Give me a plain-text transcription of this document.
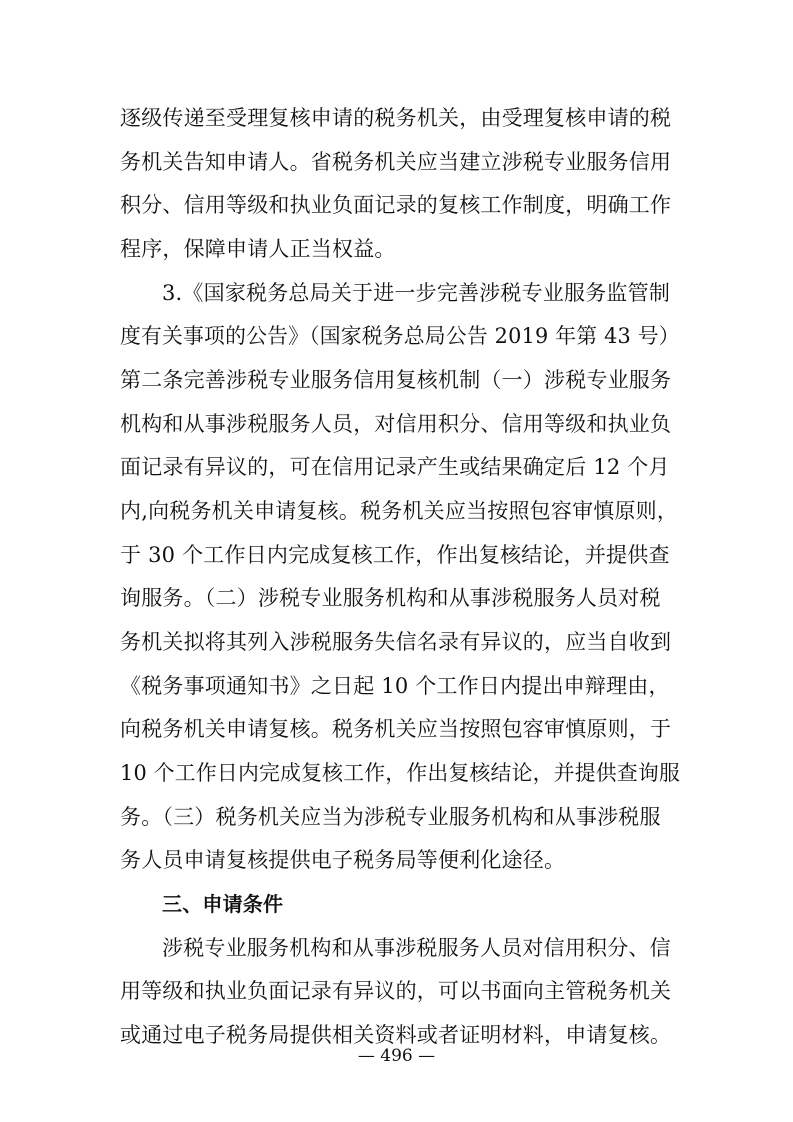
逐级传递至受理复核申请的税务机关，由受理复核申请的税
务机关告知申请人。省税务机关应当建立涉税专业服务信用
积分、信用等级和执业负面记录的复核工作制度，明确工作
程序，保障申请人正当权益。
3.《国家税务总局关于进一步完善涉税专业服务监管制
度有关事项的公告》（国家税务总局公告 2019 年第 43 号）
第二条完善涉税专业服务信用复核机制（一）涉税专业服务
机构和从事涉税服务人员，对信用积分、信用等级和执业负
面记录有异议的，可在信用记录产生或结果确定后 12 个月
内,向税务机关申请复核。税务机关应当按照包容审慎原则，
于 30 个工作日内完成复核工作，作出复核结论，并提供查
询服务。（二）涉税专业服务机构和从事涉税服务人员对税
务机关拟将其列入涉税服务失信名录有异议的，应当自收到
《税务事项通知书》之日起 10 个工作日内提出申辩理由，
向税务机关申请复核。税务机关应当按照包容审慎原则，于
10 个工作日内完成复核工作，作出复核结论，并提供查询服
务。（三）税务机关应当为涉税专业服务机构和从事涉税服
务人员申请复核提供电子税务局等便利化途径。
三、申请条件
涉税专业服务机构和从事涉税服务人员对信用积分、信
用等级和执业负面记录有异议的，可以书面向主管税务机关
或通过电子税务局提供相关资料或者证明材料，申请复核。
— 496 —
